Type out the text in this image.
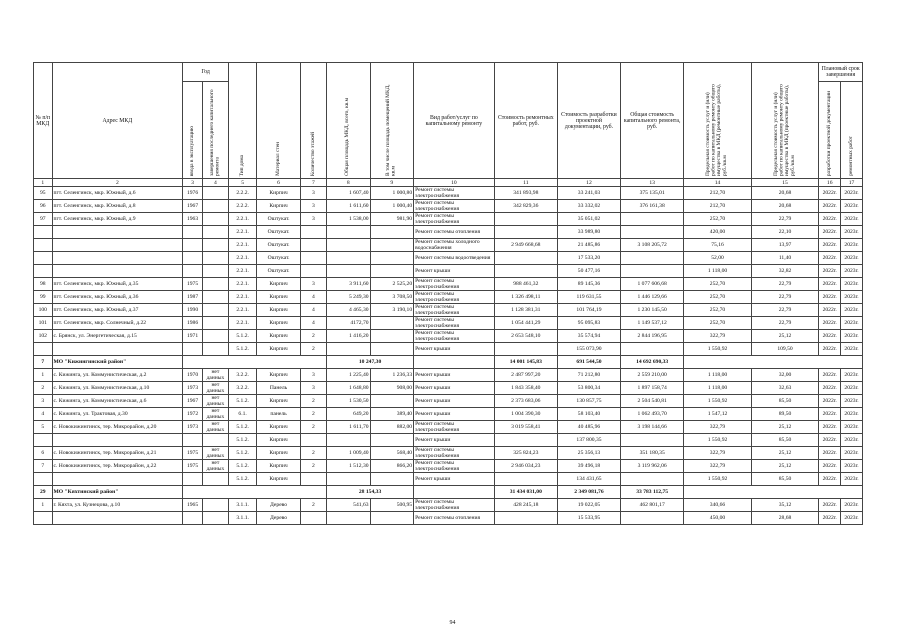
№ п/п МКД	Адрес МКД	Год		Тип дома	Материал стен	Количество этажей	Общая площадь МКД, всего, кв.м	В том числе площадь помещений МКД, кв.м	Вид работ/услуг по капитальному ремонту	Стоимость ремонтных работ, руб.	Стоимость разработки проектной документации, руб.	Общая стоимость капитального ремонта, руб.	Предельная стоимость услуг и (или) работ по капитальному ремонту общего имущества в МКД (ремонтные работы), руб./кв.м	Предельная стоимость услуг и (или) работ по капитальному ремонту общего имущества в МКД (проектные работы), руб./кв.м	Плановый срок завершения	
		ввода в эксплуатацию	завершения последнего капитального ремонта												разработки проектной документации	ремонтных работ
1	2	3	4	5	6	7	8	9	10	11	12	13	14	15	16	17
95	пгт. Селенгинск, мкр. Южный, д.6	1976		2.2.2.	Кирпич	3	1 607,40	1 000,80	Ремонт системы электроснабжения	341 893,98	33 241,03	375 135,01	212,70	20,68	2022г.	2023г.
96	пгт. Селенгинск, мкр. Южный, д.8	1967		2.2.2.	Кирпич	3	1 611,60	1 000,40	Ремонт системы электроснабжения	342 829,36	33 332,02	376 161,38	212,70	20,68	2022г.	2023г.
97	пгт. Селенгинск, мкр. Южный, д.9	1963		2.2.1.	Оштукат.	3	1 538,00	981,90	Ремонт системы электроснабжения		35 051,02		252,70	22,79	2022г.	2023г.
				2.2.1.	Оштукат.				Ремонт системы отопления		33 989,80		420,00	22,10	2022г.	2023г.
				2.2.1.	Оштукат.				Ремонт системы холодного водоснабжения	2 949 668,68	21 485,86	3 108 205,72	75,16	13,97	2022г.	2023г.
				2.2.1.	Оштукат.				Ремонт системы водоотведения		17 533,20		52,00	11,40	2022г.	2023г.
				2.2.1.	Оштукат.				Ремонт крыши		50 477,16		1 118,00	32,82	2022г.	2023г.
98	пгт. Селенгинск, мкр. Южный, д.35	1975		2.2.1.	Кирпич	3	3 911,60	2 525,20	Ремонт системы электроснабжения	988 461,32	89 145,36	1 077 606,68	252,70	22,79	2022г.	2023г.
99	пгт. Селенгинск, мкр. Южный, д.36	1987		2.2.1.	Кирпич	4	5 249,30	3 708,50	Ремонт системы электроснабжения	1 326 498,11	119 631,55	1 446 129,66	252,70	22,79	2022г.	2023г.
100	пгт. Селенгинск, мкр. Южный, д.37	1990		2.2.1.	Кирпич	4	4 465,30	3 190,10	Ремонт системы электроснабжения	1 128 381,31	101 764,19	1 230 145,50	252,70	22,79	2022г.	2023г.
101	пгт. Селенгинск, мкр. Солнечный, д.22	1986		2.2.1.	Кирпич	4	4172,70		Ремонт системы электроснабжения	1 054 441,29	95 095,83	1 149 537,12	252,70	22,79	2022г.	2023г.
102	с. Брянск, ул. Энергетическая, д.15	1971		5.1.2.	Кирпич	2	1 416,20		Ремонт системы электроснабжения	2 653 548,10	35 574,94	2 844 196,95	322,79	25,12	2022г.	2023г.
				5.1.2.	Кирпич	2			Ремонт крыши		155 073,90		1 550,92	109,50	2022г.	2023г.
7	МО "Кижингинский район"						10 247,30			14 001 145,83	691 544,50	14 692 690,33				
1	с. Кижинга, ул. Коммунистическая, д.2	1970	нет данных	3.2.2.	Кирпич	3	1 225,40	1 236,33	Ремонт крыши	2 487 997,20	71 212,80	2 559 210,00	1 118,00	32,00	2022г.	2023г.
2	с. Кижинга, ул. Коммунистическая, д.10	1973	нет данных	3.2.2.	Панель	3	1 648,80	908,00	Ремонт крыши	1 843 358,40	53 800,34	1 897 158,74	1 118,00	32,63	2022г.	2023г.
3	с. Кижинга, ул. Коммунистическая, д.6	1967	нет данных	5.1.2.	Кирпич	2	1 530,50		Ремонт крыши	2 373 683,06	130 857,75	2 504 540,81	1 550,92	85,50	2022г.	2023г.
4	с. Кижинга, ул. Трактовая, д.30	1972	нет данных	6.1.	панель	2	649,20	389,40	Ремонт крыши	1 004 390,30	58 103,40	1 062 493,70	1 547,12	89,50	2022г.	2023г.
5	с. Новокижингинск, тер. Микрорайон, д.20	1973	нет данных	5.1.2.	Кирпич	2	1 611,70	882,00	Ремонт системы электроснабжения	3 019 558,41	40 485,96	3 198 144,66	322,79	25,12	2022г.	2023г.
				5.1.2.	Кирпич				Ремонт крыши		137 800,35		1 550,92	85,50	2022г.	2023г.
6	с. Новокижингинск, тер. Микрорайон, д.21	1975	нет данных	5.1.2.	Кирпич	2	1 009,40	568,40	Ремонт системы электроснабжения	325 824,23	25 356,13	351 180,35	322,79	25,12	2022г.	2023г.
7	с. Новокижингинск, тер. Микрорайон, д.22	1975	нет данных	5.1.2.	Кирпич	2	1 512,30	866,20	Ремонт системы электроснабжения	2 946 034,23	39 496,18	3 119 962,06	322,79	25,12	2022г.	2023г.
				5.1.2.	Кирпич				Ремонт крыши		134 431,65		1 550,92	85,50	2022г.	2023г.
29	МО "Кяхтинский район"						28 154,33			31 434 031,00	2 349 081,76	33 783 112,75				
1	г. Кяхта, ул. Кузнецова, д.10	1965		3.1.1.	Дерево	2	541,63	500,95	Ремонт системы электроснабжения	428 245,18	19 022,05	462 801,17	340,66	35,12	2022г.	2023г.
				3.1.1.	Дерево				Ремонт системы отопления		15 533,95		450,00	28,68	2022г.	2023г.
94
